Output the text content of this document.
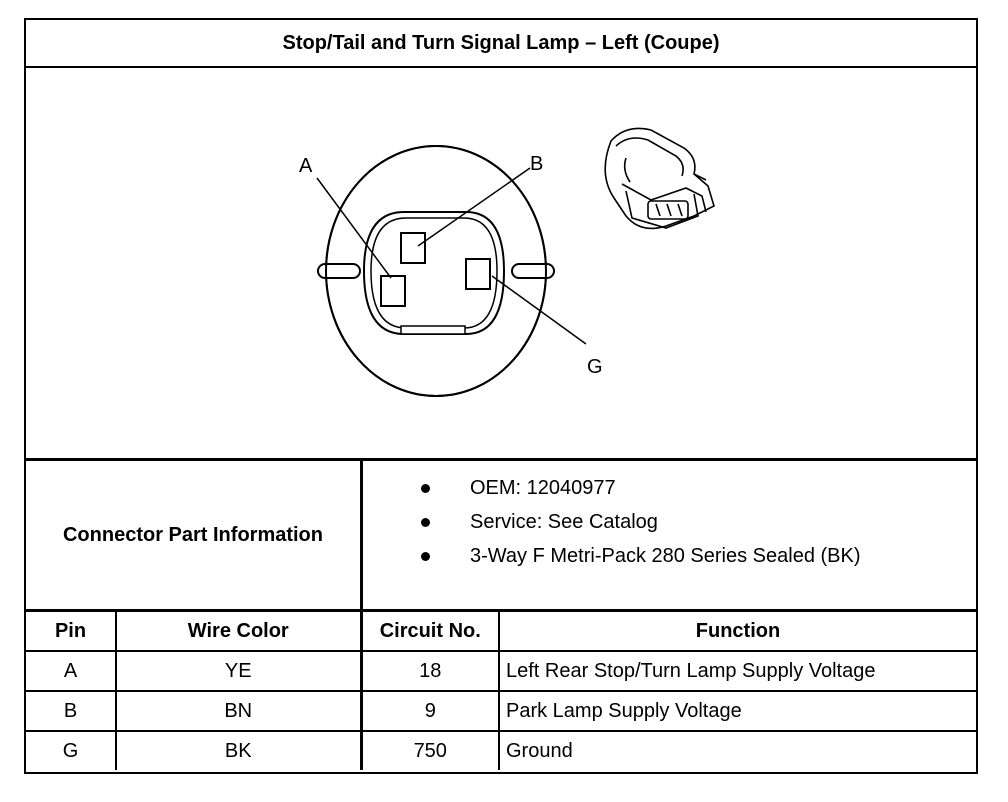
Stop/Tail and Turn Signal Lamp – Left (Coupe)
A	B
G
Connector Part Information
OEM: 12040977
Service: See Catalog
3-Way F Metri-Pack 280 Series Sealed (BK)
Pin	Wire Color	Circuit No.	Function
A	YE	18	Left Rear Stop/Turn Lamp Supply Voltage
B	BN	9	Park Lamp Supply Voltage
G	BK	750	Ground
